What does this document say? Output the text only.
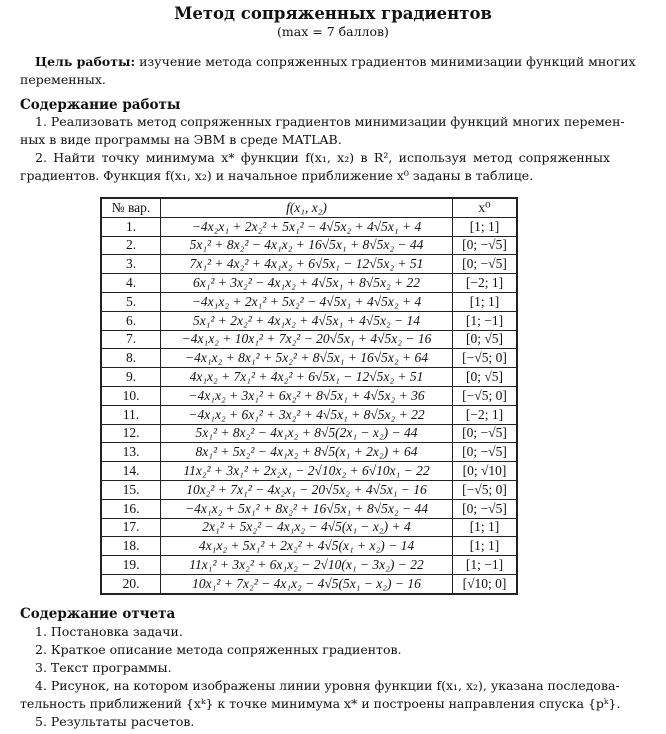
Метод сопряженных градиентов
(max = 7 баллов)
Цель работы: изучение метода сопряженных градиентов минимизации функций многих
переменных.
Содержание работы
1. Реализовать метод сопряженных градиентов минимизации функций многих перемен-
ных в виде программы на ЭВМ в среде MATLAB.
2. Найти точку минимума x* функции f(x₁, x₂) в R², используя метод сопряженных
градиентов. Функция f(x₁, x₂) и начальное приближение x⁰ заданы в таблице.
№ вар.	f(x₁, x₂)	x⁰
1.	−4x₂x₁ + 2x₂² + 5x₁² − 4√5x₂ + 4√5x₁ + 4	[1; 1]
2.	5x₁² + 8x₂² − 4x₁x₂ + 16√5x₁ + 8√5x₂ − 44	[0; −√5]
3.	7x₁² + 4x₂² + 4x₁x₂ + 6√5x₁ − 12√5x₂ + 51	[0; −√5]
4.	6x₁² + 3x₂² − 4x₁x₂ + 4√5x₁ + 8√5x₂ + 22	[−2; 1]
5.	−4x₁x₂ + 2x₁² + 5x₂² − 4√5x₁ + 4√5x₂ + 4	[1; 1]
6.	5x₁² + 2x₂² + 4x₁x₂ + 4√5x₁ + 4√5x₂ − 14	[1; −1]
7.	−4x₁x₂ + 10x₁² + 7x₂² − 20√5x₁ + 4√5x₂ − 16	[0; √5]
8.	−4x₁x₂ + 8x₁² + 5x₂² + 8√5x₁ + 16√5x₂ + 64	[−√5; 0]
9.	4x₁x₂ + 7x₁² + 4x₂² + 6√5x₁ − 12√5x₂ + 51	[0; √5]
10.	−4x₁x₂ + 3x₁² + 6x₂² + 8√5x₁ + 4√5x₂ + 36	[−√5; 0]
11.	−4x₁x₂ + 6x₁² + 3x₂² + 4√5x₁ + 8√5x₂ + 22	[−2; 1]
12.	5x₁² + 8x₂² − 4x₁x₂ + 8√5(2x₁ − x₂) − 44	[0; −√5]
13.	8x₁² + 5x₂² − 4x₁x₂ + 8√5(x₁ + 2x₂) + 64	[0; −√5]
14.	11x₂² + 3x₁² + 2x₂x₁ − 2√10x₂ + 6√10x₁ − 22	[0; √10]
15.	10x₂² + 7x₁² − 4x₂x₁ − 20√5x₂ + 4√5x₁ − 16	[−√5; 0]
16.	−4x₁x₂ + 5x₁² + 8x₂² + 16√5x₁ + 8√5x₂ − 44	[0; −√5]
17.	2x₁² + 5x₂² − 4x₁x₂ − 4√5(x₁ − x₂) + 4	[1; 1]
18.	4x₁x₂ + 5x₁² + 2x₂² + 4√5(x₁ + x₂) − 14	[1; 1]
19.	11x₁² + 3x₂² + 6x₁x₂ − 2√10(x₁ − 3x₂) − 22	[1; −1]
20.	10x₁² + 7x₂² − 4x₁x₂ − 4√5(5x₁ − x₂) − 16	[√10; 0]
Содержание отчета
1. Постановка задачи.
2. Краткое описание метода сопряженных градиентов.
3. Текст программы.
4. Рисунок, на котором изображены линии уровня функции f(x₁, x₂), указана последова-
тельность приближений {xᵏ} к точке минимума x* и построены направления спуска {pᵏ}.
5. Результаты расчетов.
